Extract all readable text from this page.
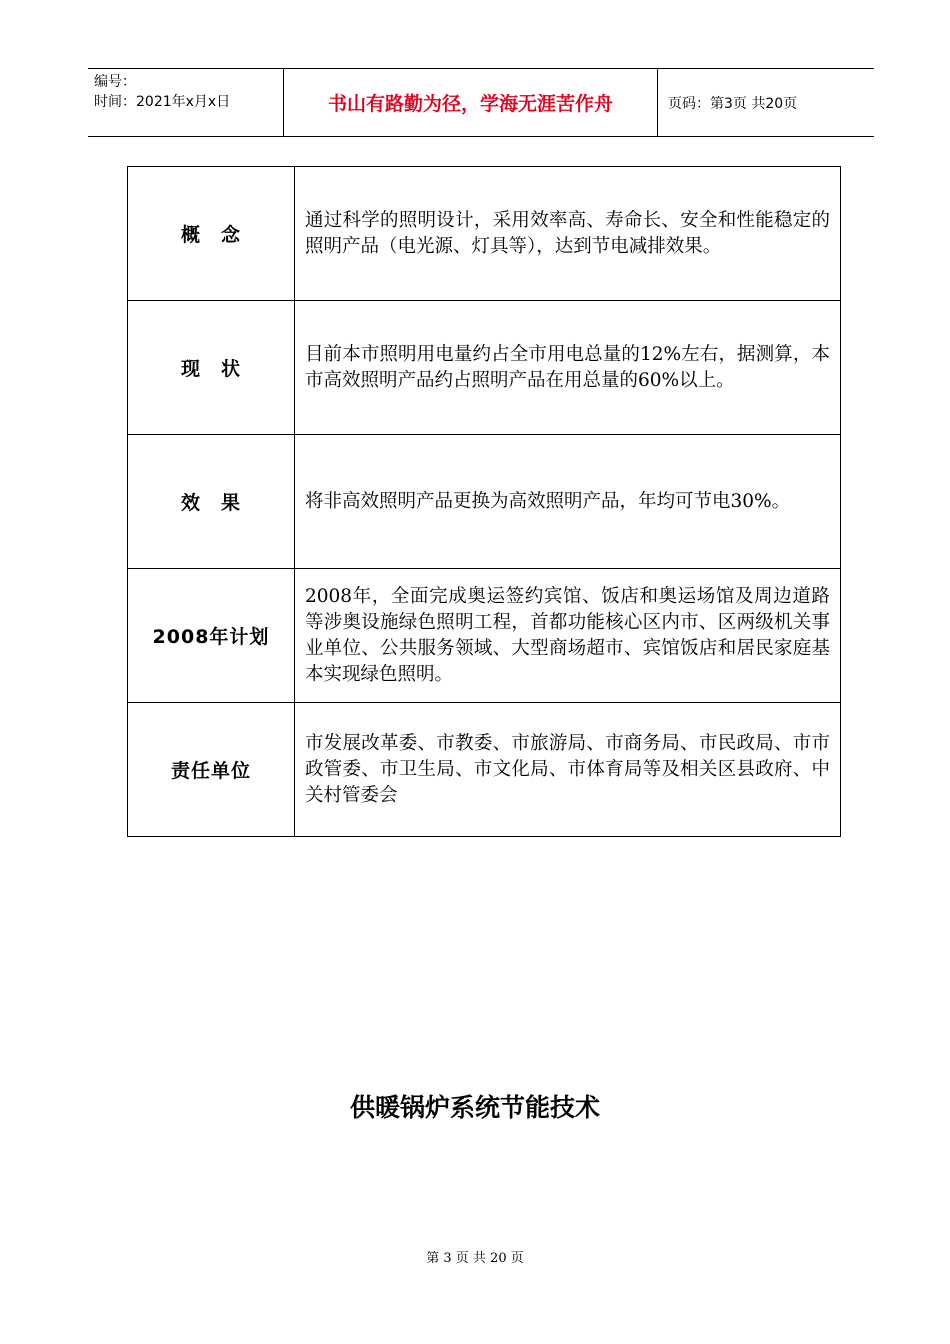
编号：
时间：2021年x月x日	书山有路勤为径，学海无涯苦作舟	页码：第3页 共20页
概　念	通过科学的照明设计，采用效率高、寿命长、安全和性能稳定的照明产品（电光源、灯具等），达到节电减排效果。
现　状	目前本市照明用电量约占全市用电总量的12%左右，据测算，本市高效照明产品约占照明产品在用总量的60%以上。
效　果	将非高效照明产品更换为高效照明产品，年均可节电30%。
2008年计划	2008年，全面完成奥运签约宾馆、饭店和奥运场馆及周边道路等涉奥设施绿色照明工程，首都功能核心区内市、区两级机关事业单位、公共服务领域、大型商场超市、宾馆饭店和居民家庭基本实现绿色照明。
责任单位	市发展改革委、市教委、市旅游局、市商务局、市民政局、市市政管委、市卫生局、市文化局、市体育局等及相关区县政府、中关村管委会
供暖锅炉系统节能技术
第 3 页 共 20 页
